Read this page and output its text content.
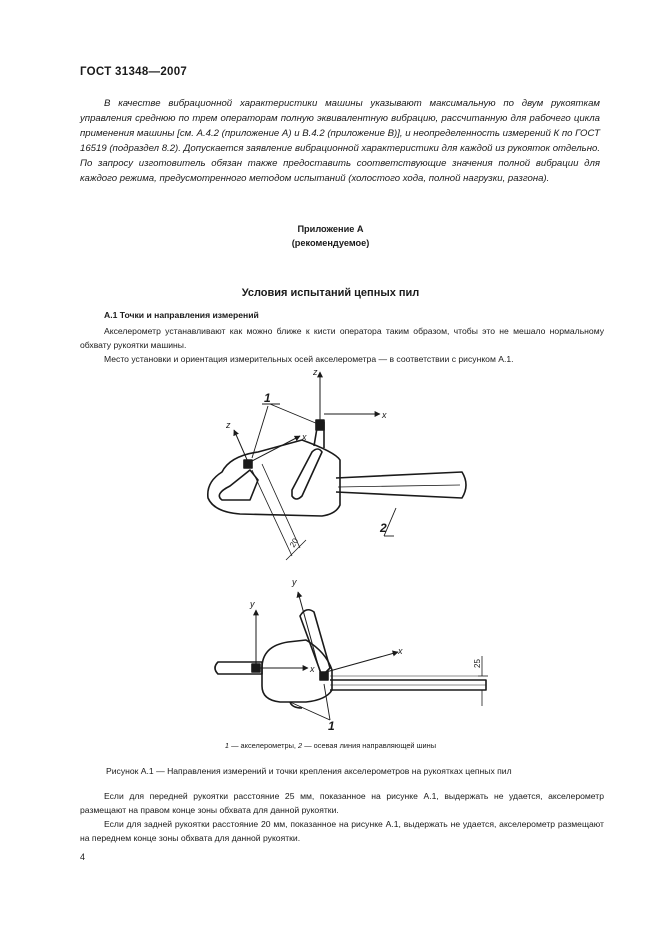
ГОСТ 31348—2007

В качестве вибрационной характеристики машины указывают максимальную по двум рукояткам управления среднюю по трем операторам полную эквивалентную вибрацию, рассчитанную для рабочего цикла применения машины [см. А.4.2 (приложение А) и В.4.2 (приложение В)], и неопределенность измерений К по ГОСТ 16519 (подраздел 8.2). Допускается заявление вибрационной характеристики для каждой из рукояток отдельно. По запросу изготовитель обязан также предоставить соответствующие значения полной вибрации для каждого режима, предусмотренного методом испытаний (холостого хода, полной нагрузки, разгона).

Приложение А
(рекомендуемое)
Условия испытаний цепных пил
А.1 Точки и направления измерений

Акселерометр устанавливают как можно ближе к кисти оператора таким образом, чтобы это не мешало нормальному обхвату рукоятки машины.

Место установки и ориентация измерительных осей акселерометра — в соответствии с рисунком А.1.

z
x
z
x
y
y
x
x
1
2
1
20
25
1 — акселерометры, 2 — осевая линия направляющей шины
Рисунок А.1 — Направления измерений и точки крепления акселерометров на рукоятках цепных пил

Если для передней рукоятки расстояние 25 мм, показанное на рисунке А.1, выдержать не удается, акселерометр размещают на правом конце зоны обхвата для данной рукоятки.

Если для задней рукоятки расстояние 20 мм, показанное на рисунке А.1, выдержать не удается, акселерометр размещают на переднем конце зоны обхвата для данной рукоятки.

4
